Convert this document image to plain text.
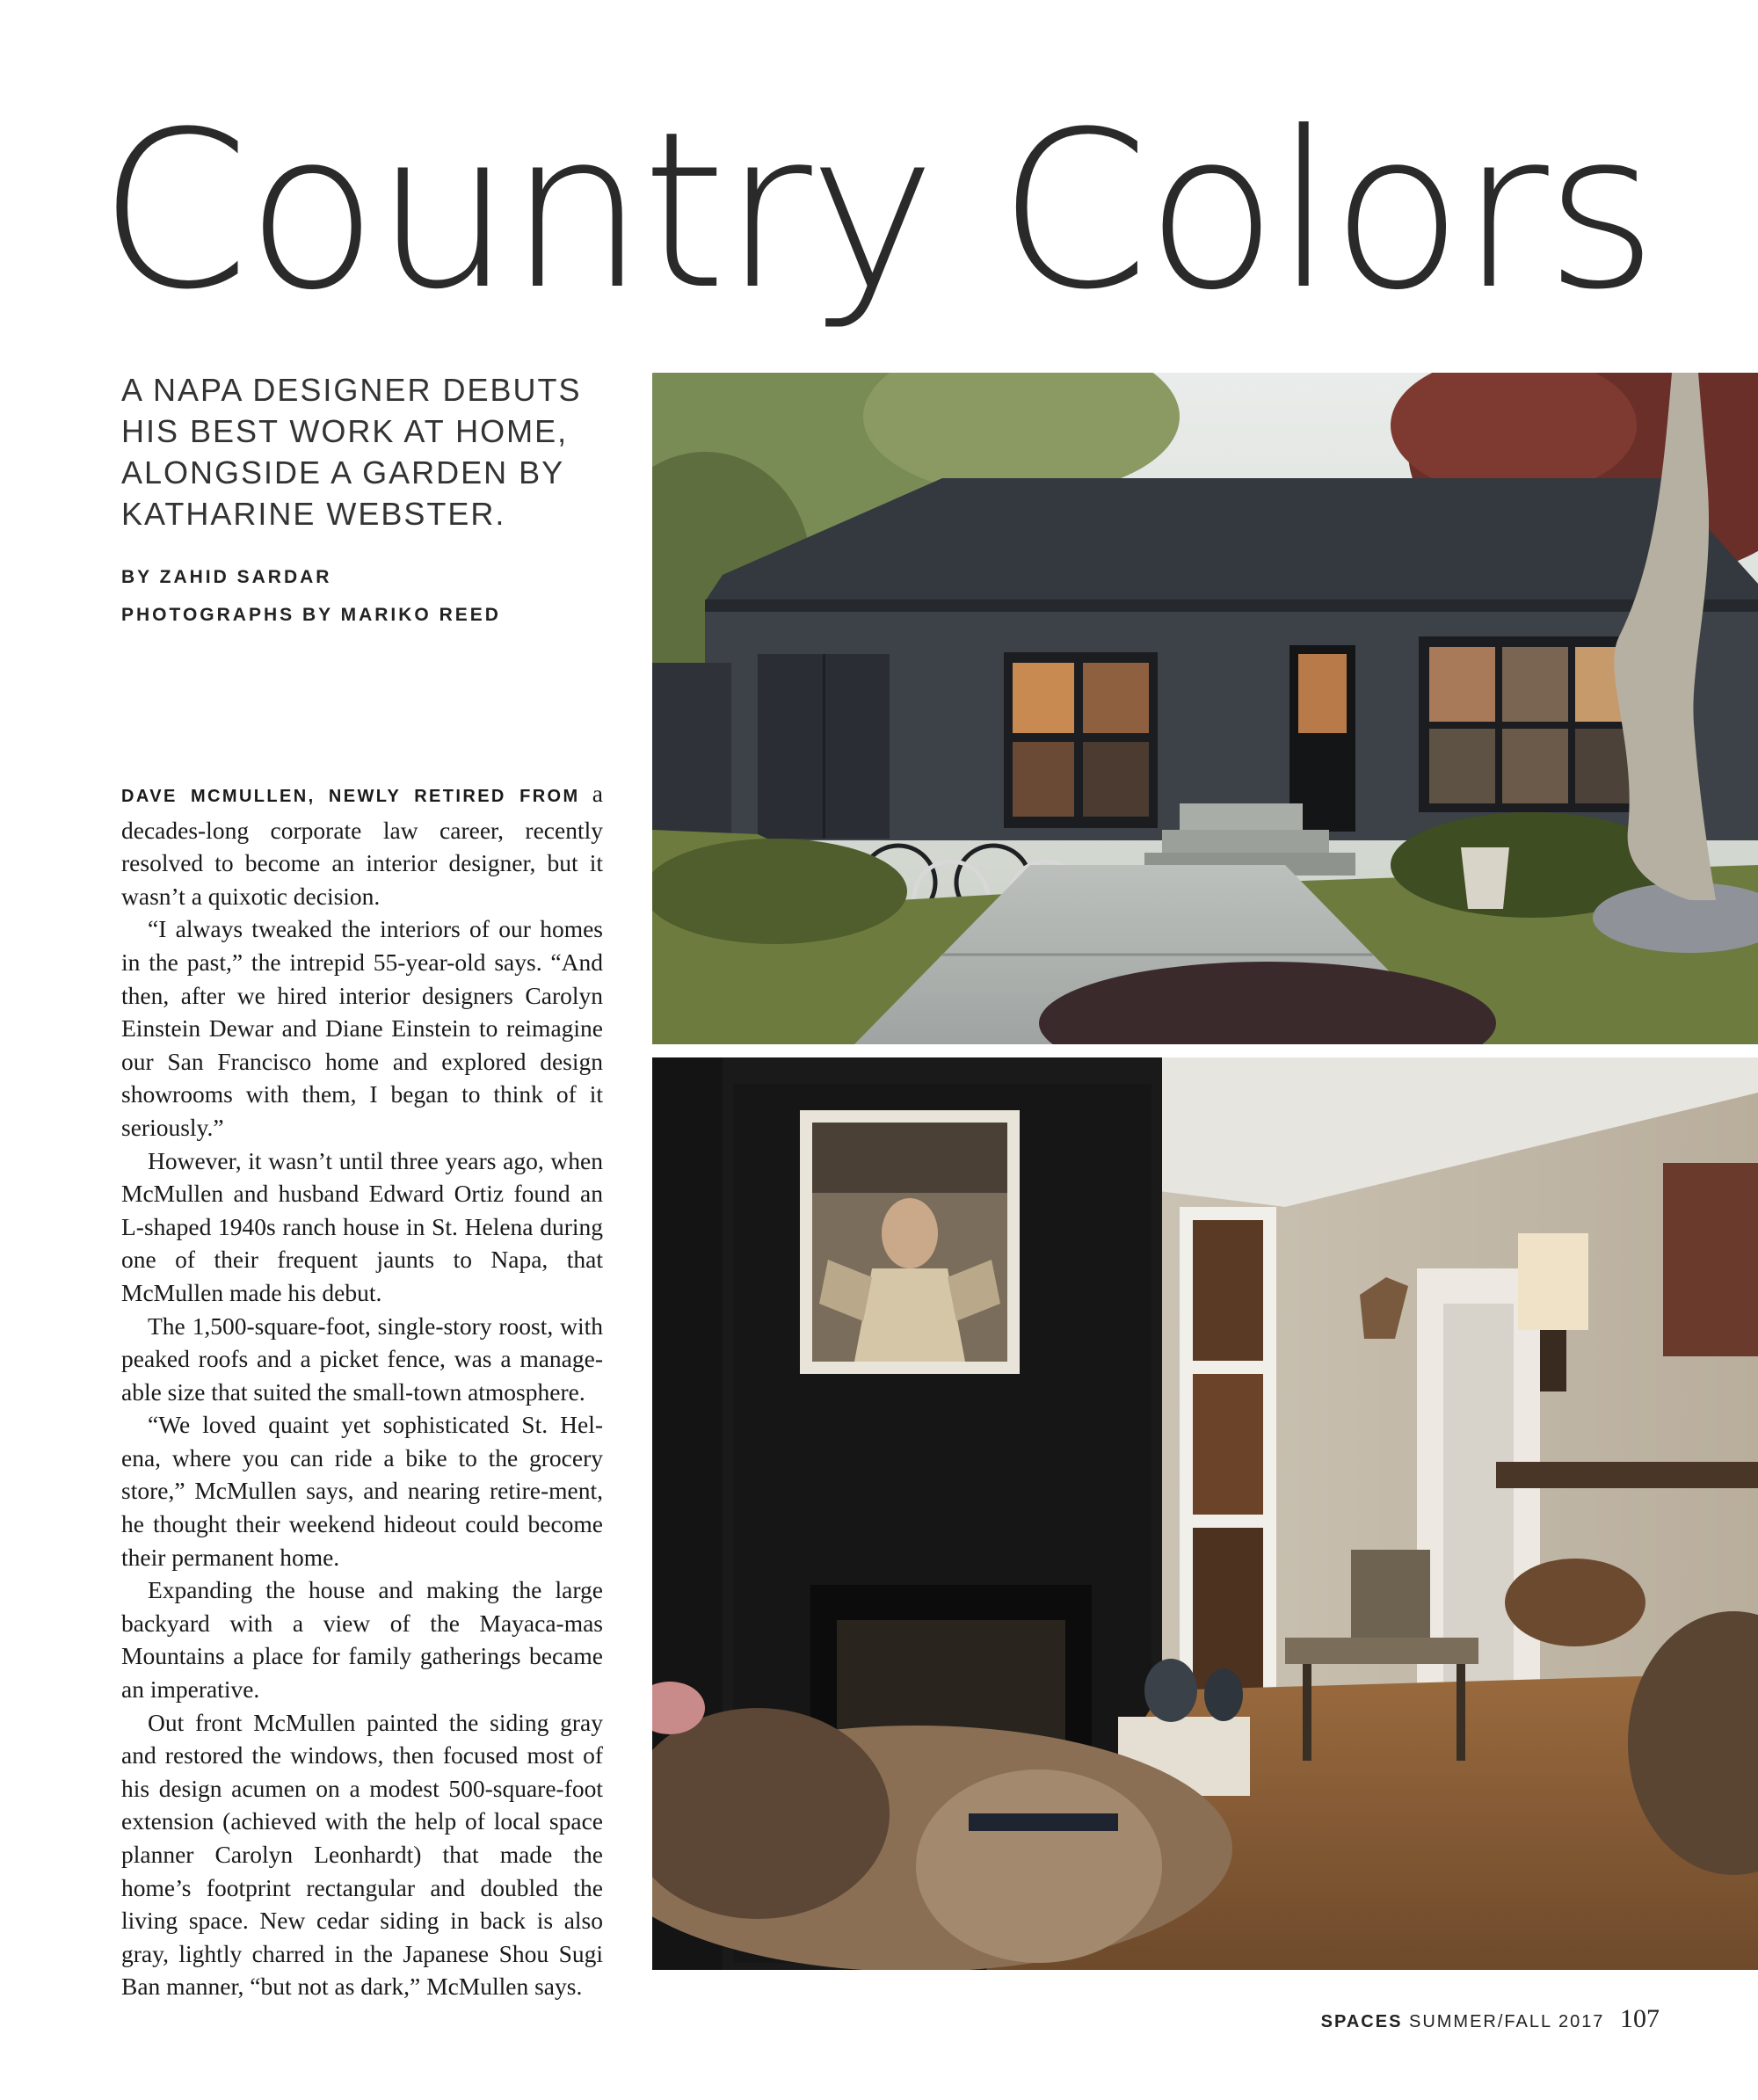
Country Colors
A NAPA DESIGNER DEBUTS
HIS BEST WORK AT HOME,
ALONGSIDE A GARDEN BY
KATHARINE WEBSTER.

BY ZAHID SARDAR

PHOTOGRAPHS BY MARIKO REED

DAVE MCMULLEN, NEWLY RETIRED FROM a decades-long corporate law career, recently resolved to become an interior designer, but it wasn’t a quixotic decision.

“I always tweaked the interiors of our homes in the past,” the intrepid 55-year-old says. “And then, after we hired interior designers Carolyn Einstein Dewar and Diane Einstein to reimagine our San Francisco home and explored design showrooms with them, I began to think of it seriously.”

However, it wasn’t until three years ago, when McMullen and husband Edward Ortiz found an L-shaped 1940s ranch house in St. Helena during one of their frequent jaunts to Napa, that McMullen made his debut.

The 1,500-square-foot, single-story roost, with peaked roofs and a picket fence, was a manage-able size that suited the small-town atmosphere.

“We loved quaint yet sophisticated St. Hel-ena, where you can ride a bike to the grocery store,” McMullen says, and nearing retire-ment, he thought their weekend hideout could become their permanent home.

Expanding the house and making the large backyard with a view of the Mayaca-mas Mountains a place for family gatherings became an imperative.

Out front McMullen painted the siding gray and restored the windows, then focused most of his design acumen on a modest 500-square-foot extension (achieved with the help of local space planner Carolyn Leonhardt) that made the home’s footprint rectangular and doubled the living space. New cedar siding in back is also gray, lightly charred in the Japanese Shou Sugi Ban manner, “but not as dark,” McMullen says.

SPACES SUMMER/FALL 2017 107
